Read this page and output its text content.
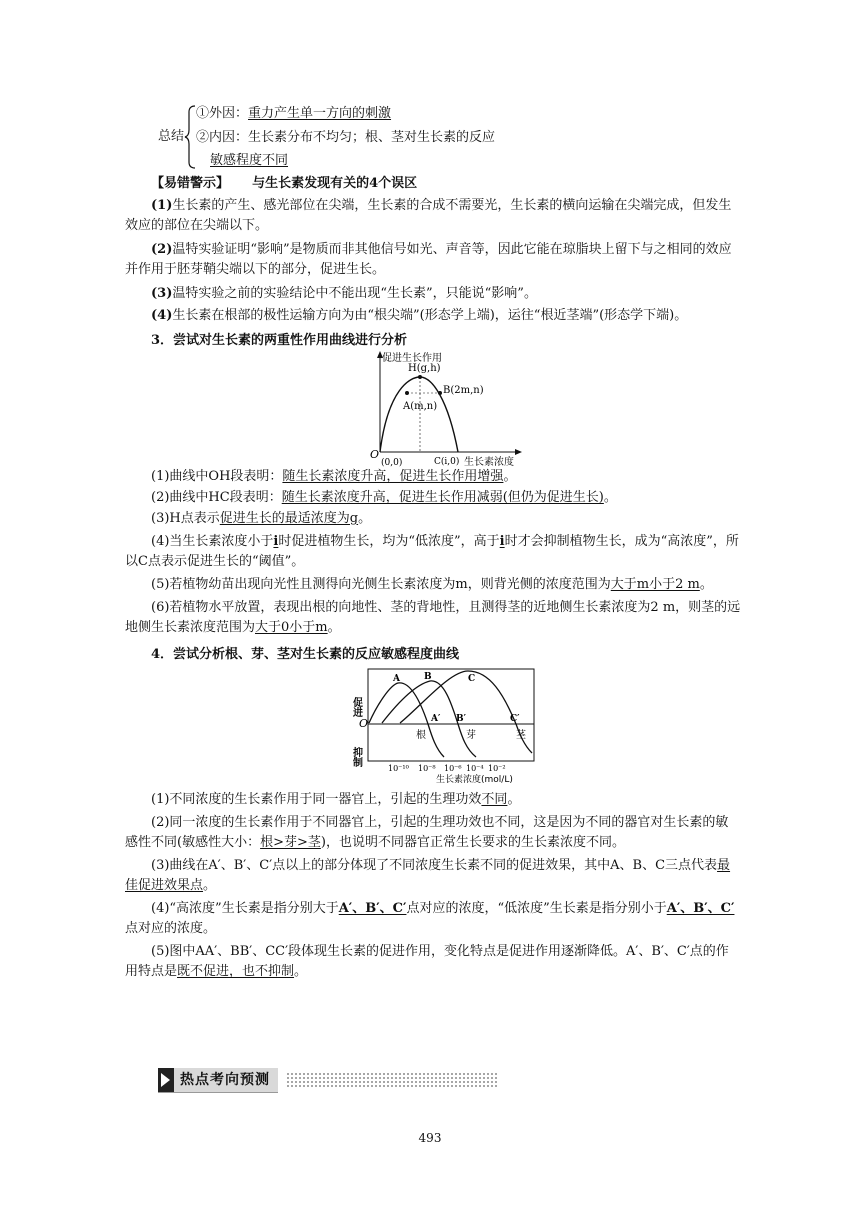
总结
①外因：重力产生单一方向的刺激
②内因：生长素分布不均匀；根、茎对生长素的反应
敏感程度不同

【易错警示】 与生长素发现有关的4个误区

(1)生长素的产生、感光部位在尖端，生长素的合成不需要光，生长素的横向运输在尖端完成，但发生效应的部位在尖端以下。

(2)温特实验证明“影响”是物质而非其他信号如光、声音等，因此它能在琼脂块上留下与之相同的效应并作用于胚芽鞘尖端以下的部分，促进生长。

(3)温特实验之前的实验结论中不能出现“生长素”，只能说“影响”。

(4)生长素在根部的极性运输方向为由“根尖端”(形态学上端)，运往“根近茎端”(形态学下端)。

3．尝试对生长素的两重性作用曲线进行分析

促进生长作用
H(g,h)
B(2m,n)
A(m,n)
O
(0,0)	C(i,0) 生长素浓度

(1)曲线中OH段表明：随生长素浓度升高，促进生长作用增强。

(2)曲线中HC段表明：随生长素浓度升高，促进生长作用减弱(但仍为促进生长)。

(3)H点表示促进生长的最适浓度为g。

(4)当生长素浓度小于i时促进植物生长，均为“低浓度”，高于i时才会抑制植物生长，成为“高浓度”，所以C点表示促进生长的“阈值”。

(5)若植物幼苗出现向光性且测得向光侧生长素浓度为m，则背光侧的浓度范围为大于m小于2 m。

(6)若植物水平放置，表现出根的向地性、茎的背地性，且测得茎的近地侧生长素浓度为2 m，则茎的远地侧生长素浓度范围为大于0小于m。

4．尝试分析根、芽、茎对生长素的反应敏感程度曲线

促进
抑制
O
A	B	C
A′ B′	C′
根	芽	茎
10⁻¹⁰ 10⁻⁸ 10⁻⁶ 10⁻⁴ 10⁻²
生长素浓度(mol/L)

(1)不同浓度的生长素作用于同一器官上，引起的生理功效不同。

(2)同一浓度的生长素作用于不同器官上，引起的生理功效也不同，这是因为不同的器官对生长素的敏感性不同(敏感性大小：根>芽>茎)，也说明不同器官正常生长要求的生长素浓度不同。

(3)曲线在A′、B′、C′点以上的部分体现了不同浓度生长素不同的促进效果，其中A、B、C三点代表最佳促进效果点。

(4)“高浓度”生长素是指分别大于A′、B′、C′点对应的浓度，“低浓度”生长素是指分别小于A′、B′、C′点对应的浓度。

(5)图中AA′、BB′、CC′段体现生长素的促进作用，变化特点是促进作用逐渐降低。A′、B′、C′点的作用特点是既不促进，也不抑制。

热点考向预测
493
